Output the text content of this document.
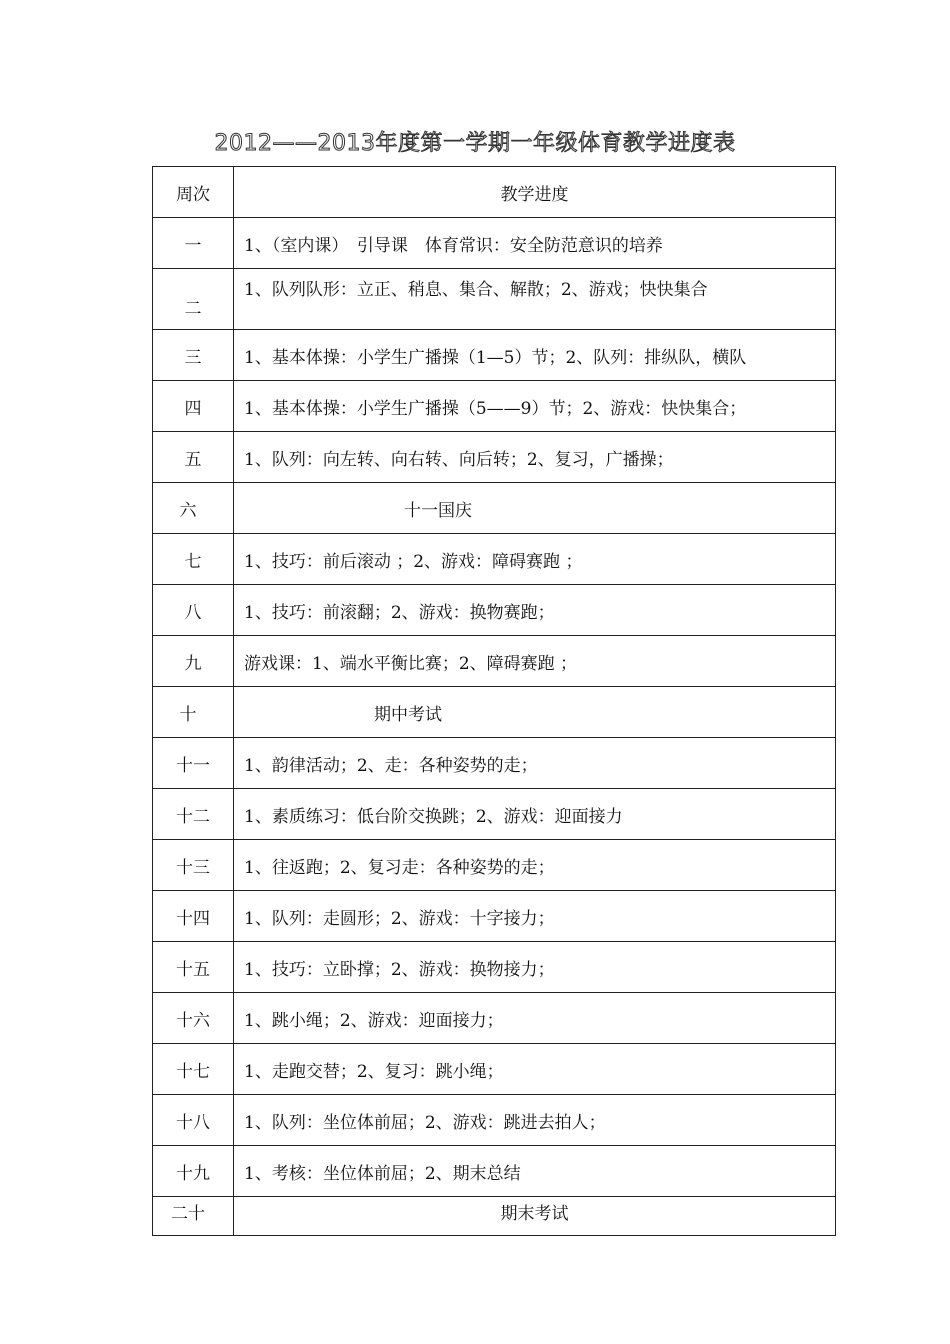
2012——2013年度第一学期一年级体育教学进度表
周次	教学进度
一	1、（室内课）　引导课　体育常识：安全防范意识的培养
二	1、队列队形：立正、稍息、集合、解散；2、游戏；快快集合
三	1、基本体操：小学生广播操（1—5）节；2、队列：排纵队，横队
四	1、基本体操：小学生广播操（5——9）节；2、游戏：快快集合；
五	1、队列：向左转、向右转、向后转；2、复习，广播操；
六	十一国庆
七	1、技巧：前后滚动 ；2、游戏：障碍赛跑 ；
八	1、技巧：前滚翻；2、游戏：换物赛跑；
九	游戏课：1、端水平衡比赛；2、障碍赛跑 ；
十	期中考试
十一	1、韵律活动；2、走：各种姿势的走；
十二	1、素质练习：低台阶交换跳；2、游戏：迎面接力
十三	1、往返跑；2、复习走：各种姿势的走；
十四	1、队列：走圆形；2、游戏：十字接力；
十五	1、技巧：立卧撑；2、游戏：换物接力；
十六	1、跳小绳；2、游戏：迎面接力；
十七	1、走跑交替；2、复习：跳小绳；
十八	1、队列：坐位体前屈；2、游戏：跳进去拍人；
十九	1、考核：坐位体前屈；2、期末总结
二十	期末考试
